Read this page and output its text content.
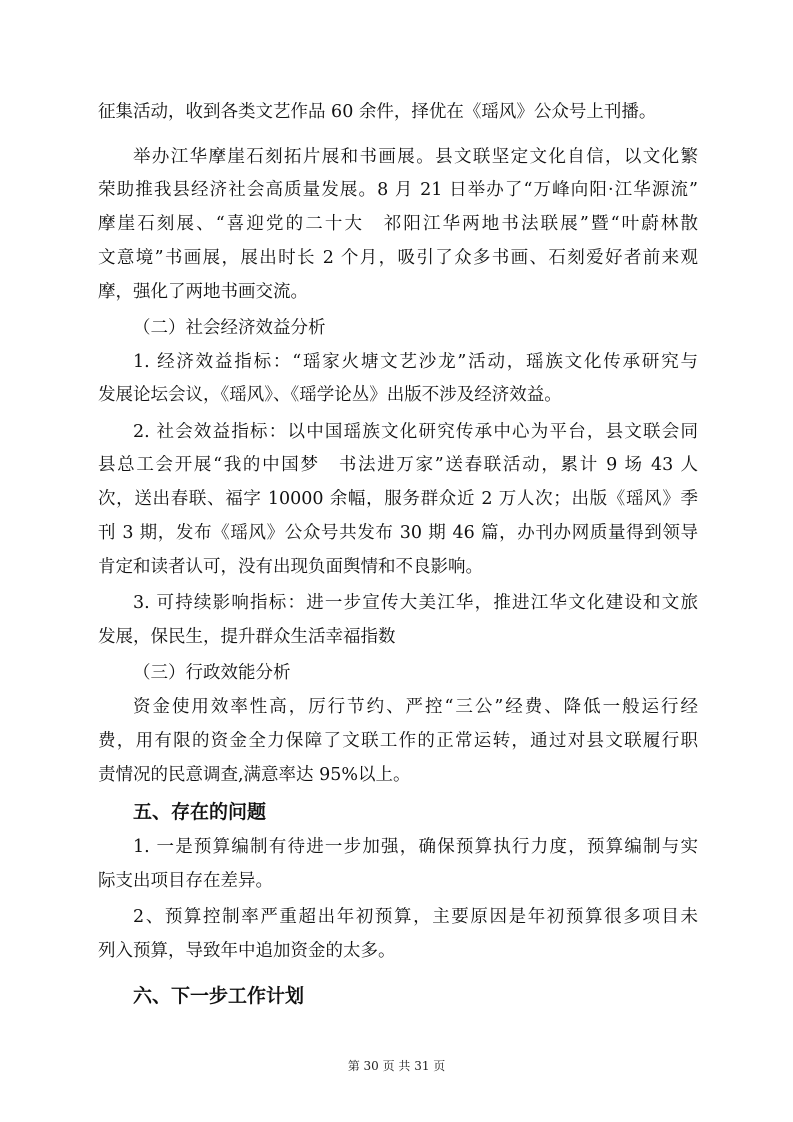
征集活动，收到各类文艺作品 60 余件，择优在《瑶风》公众号上刊播。
举办江华摩崖石刻拓片展和书画展。县文联坚定文化自信，以文化繁
荣助推我县经济社会高质量发展。8 月 21 日举办了“万峰向阳·江华源流”
摩崖石刻展、“喜迎党的二十大　祁阳江华两地书法联展”暨“叶蔚林散
文意境”书画展，展出时长 2 个月，吸引了众多书画、石刻爱好者前来观
摩，强化了两地书画交流。
（二）社会经济效益分析
1. 经济效益指标：“瑶家火塘文艺沙龙”活动，瑶族文化传承研究与
发展论坛会议，《瑶风》、《瑶学论丛》出版不涉及经济效益。
2. 社会效益指标：以中国瑶族文化研究传承中心为平台，县文联会同
县总工会开展“我的中国梦　书法进万家”送春联活动，累计 9 场 43 人
次，送出春联、福字 10000 余幅，服务群众近 2 万人次；出版《瑶风》季
刊 3 期，发布《瑶风》公众号共发布 30 期 46 篇，办刊办网质量得到领导
肯定和读者认可，没有出现负面舆情和不良影响。
3. 可持续影响指标：进一步宣传大美江华，推进江华文化建设和文旅
发展，保民生，提升群众生活幸福指数
（三）行政效能分析
资金使用效率性高，厉行节约、严控“三公”经费、降低一般运行经
费，用有限的资金全力保障了文联工作的正常运转，通过对县文联履行职
责情况的民意调查,满意率达 95%以上。
五、存在的问题
1. 一是预算编制有待进一步加强，确保预算执行力度，预算编制与实
际支出项目存在差异。
2、预算控制率严重超出年初预算，主要原因是年初预算很多项目未
列入预算，导致年中追加资金的太多。
六、下一步工作计划
第 30 页 共 31 页
